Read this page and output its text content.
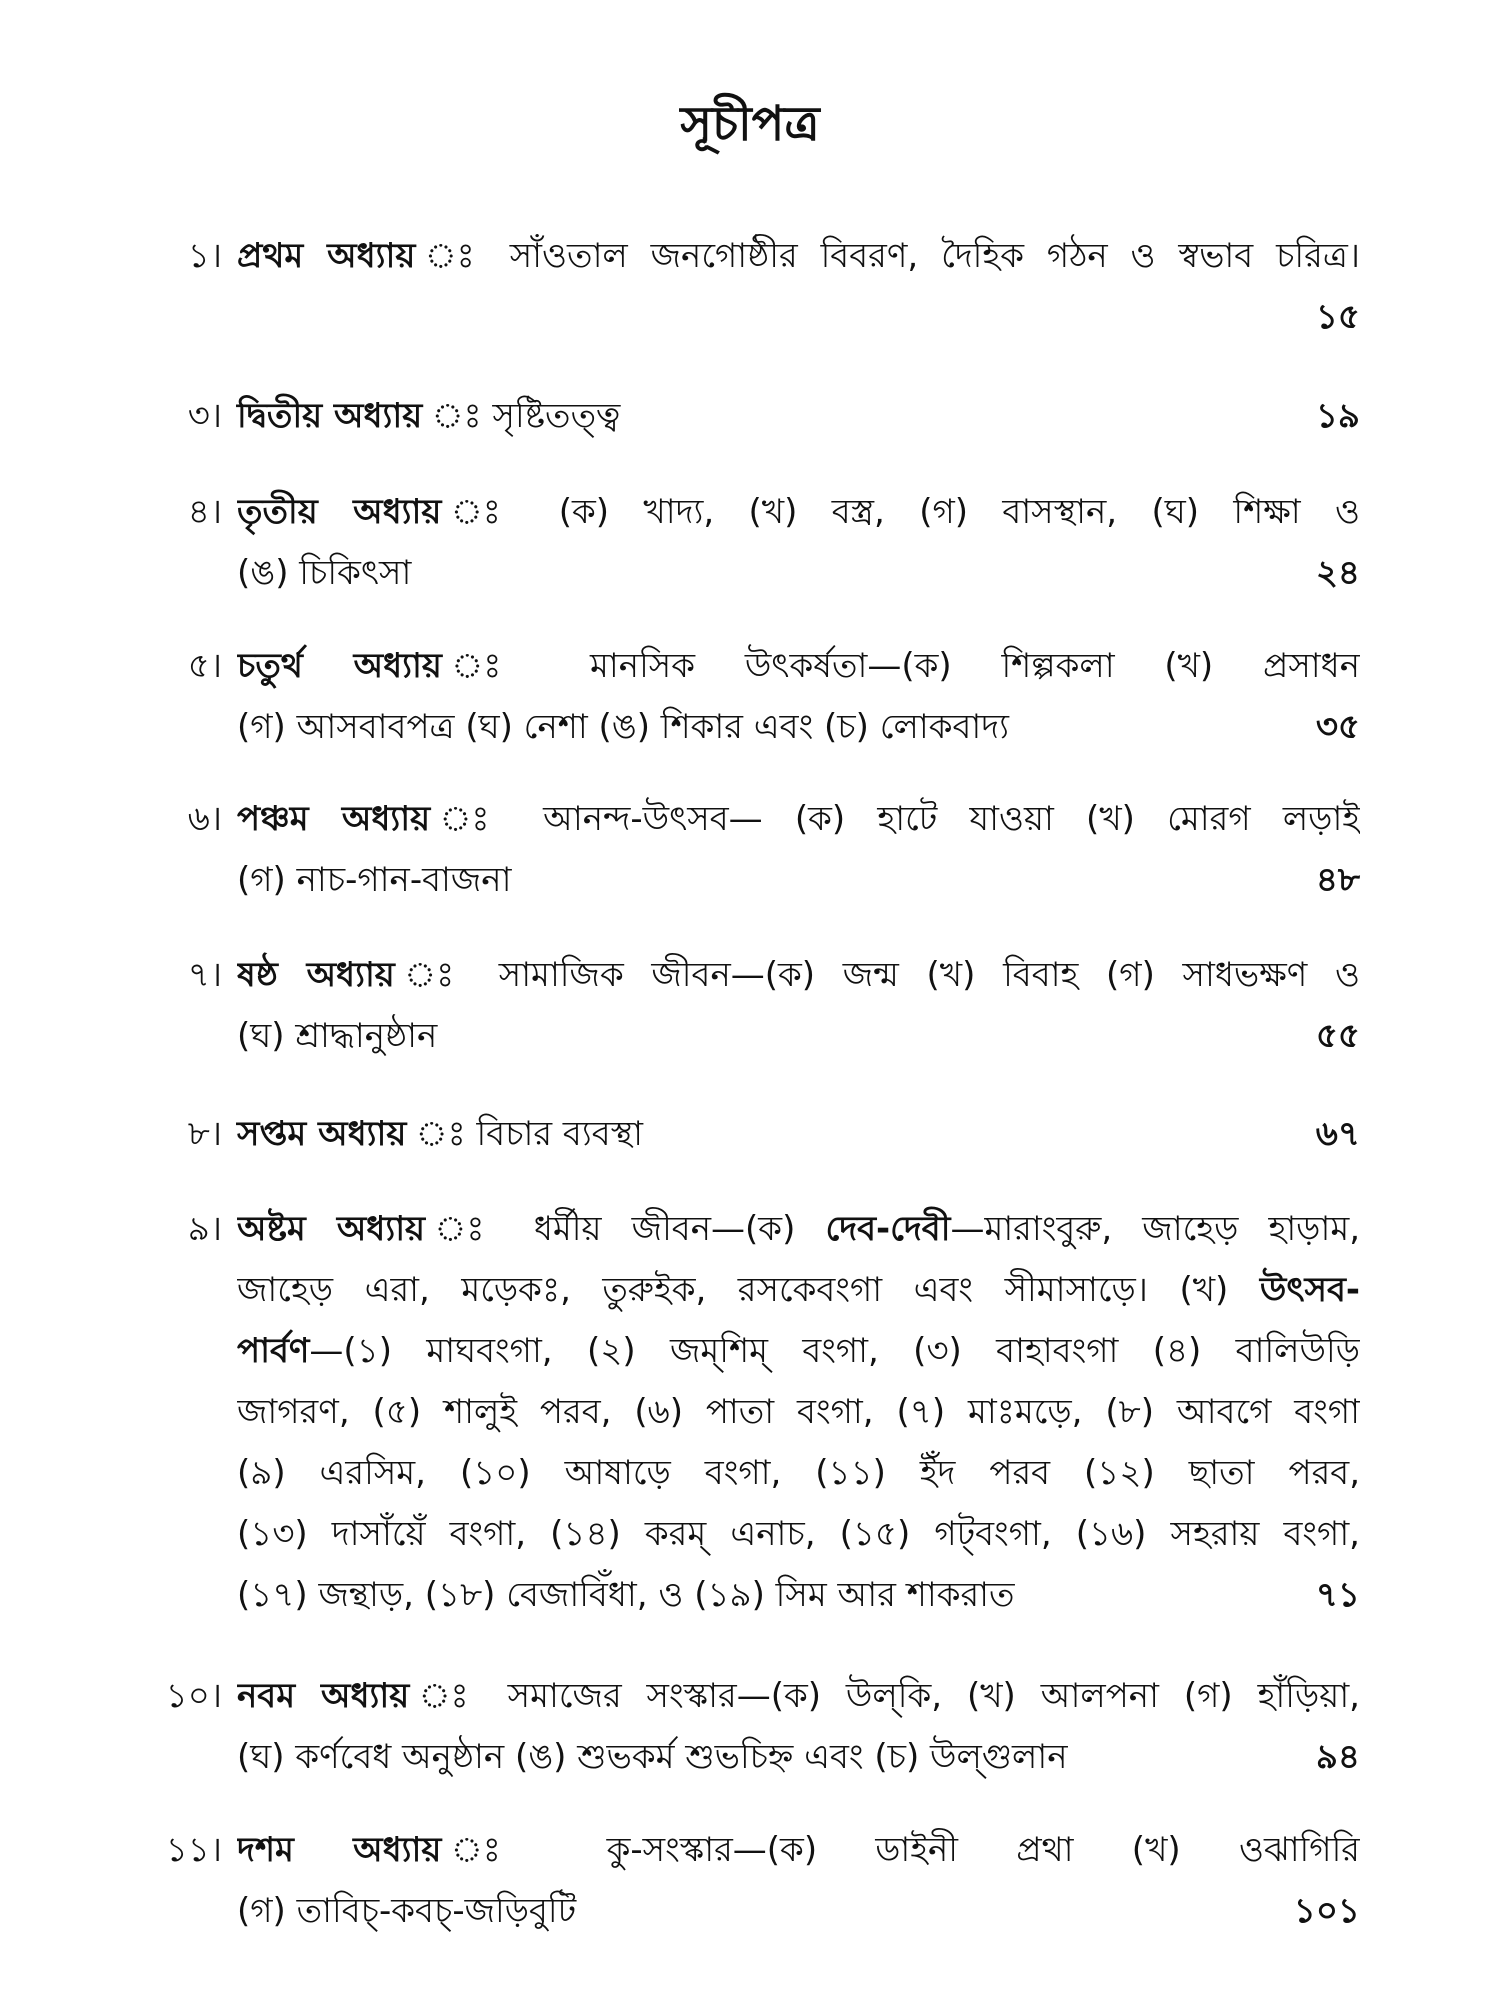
সূচীপত্র
১। প্রথম অধ্যায় ঃ সাঁওতাল জনগোষ্ঠীর বিবরণ, দৈহিক গঠন ও স্বভাব চরিত্র।
১৫
৩। দ্বিতীয় অধ্যায় ঃ সৃষ্টিতত্ত্ব	১৯
৪। তৃতীয় অধ্যায় ঃ (ক) খাদ্য, (খ) বস্ত্র, (গ) বাসস্থান, (ঘ) শিক্ষা ও
(ঙ) চিকিৎসা	২৪
৫। চতুর্থ অধ্যায় ঃ মানসিক উৎকর্ষতা—(ক) শিল্পকলা (খ) প্রসাধন
(গ) আসবাবপত্র (ঘ) নেশা (ঙ) শিকার এবং (চ) লোকবাদ্য	৩৫
৬। পঞ্চম অধ্যায় ঃ আনন্দ-উৎসব— (ক) হাটে যাওয়া (খ) মোরগ লড়াই
(গ) নাচ-গান-বাজনা	৪৮
৭। ষষ্ঠ অধ্যায় ঃ সামাজিক জীবন—(ক) জন্ম (খ) বিবাহ (গ) সাধভক্ষণ ও
(ঘ) শ্রাদ্ধানুষ্ঠান	৫৫
৮। সপ্তম অধ্যায় ঃ বিচার ব্যবস্থা	৬৭
৯। অষ্টম অধ্যায় ঃ ধর্মীয় জীবন—(ক) দেব-দেবী—মারাংবুরু, জাহেড় হাড়াম,
জাহেড় এরা, মড়েকঃ, তুরুইক, রসকেবংগা এবং সীমাসাড়ে। (খ) উৎসব-
পার্বণ—(১) মাঘবংগা, (২) জম্‌শিম্‌ বংগা, (৩) বাহাবংগা (৪) বালিউড়ি
জাগরণ, (৫) শালুই পরব, (৬) পাতা বংগা, (৭) মাঃমড়ে, (৮) আবগে বংগা
(৯) এরসিম, (১০) আষাড়ে বংগা, (১১) ইঁদ পরব (১২) ছাতা পরব,
(১৩) দাসাঁয়েঁ বংগা, (১৪) করম্‌ এনাচ, (১৫) গট্‌বংগা, (১৬) সহরায় বংগা,
(১৭) জন্থাড়, (১৮) বেজাবিঁধা, ও (১৯) সিম আর শাকরাত	৭১
১০। নবম অধ্যায় ঃ সমাজের সংস্কার—(ক) উল্‌কি, (খ) আলপনা (গ) হাঁড়িয়া,
(ঘ) কর্ণবেধ অনুষ্ঠান (ঙ) শুভকর্ম শুভচিহ্ন এবং (চ) উল্‌গুলান	৯৪
১১। দশম অধ্যায় ঃ কু-সংস্কার—(ক) ডাইনী প্রথা (খ) ওঝাগিরি
(গ) তাবিচ্‌-কবচ্‌-জড়িবুটি	১০১
